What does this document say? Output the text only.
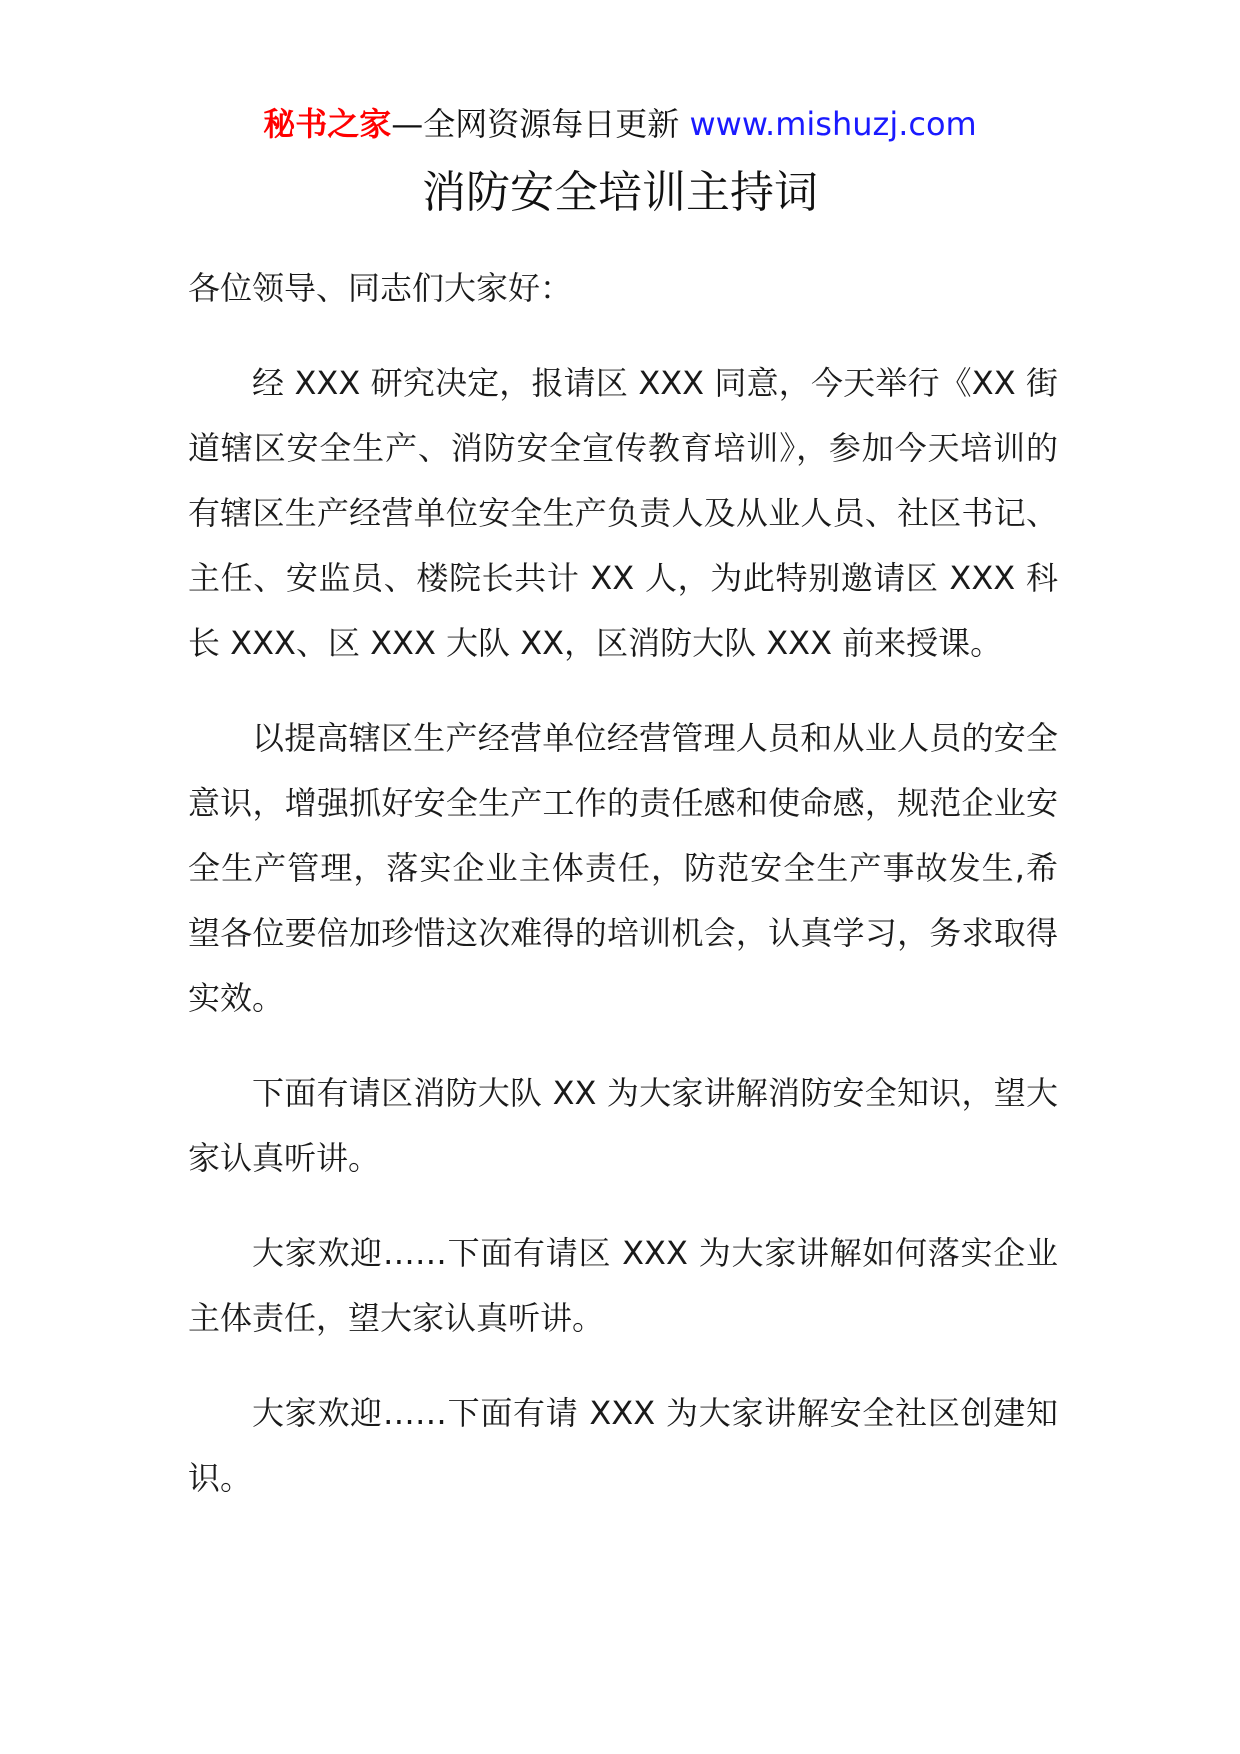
秘书之家—全网资源每日更新 www.mishuzj.com
消防安全培训主持词

各位领导、同志们大家好：

经 XXX 研究决定，报请区 XXX 同意，今天举行《XX 街道辖区安全生产、消防安全宣传教育培训》，参加今天培训的有辖区生产经营单位安全生产负责人及从业人员、社区书记、主任、安监员、楼院长共计 XX 人，为此特别邀请区 XXX 科长 XXX、区 XXX 大队 XX，区消防大队 XXX 前来授课。

以提高辖区生产经营单位经营管理人员和从业人员的安全意识，增强抓好安全生产工作的责任感和使命感，规范企业安全生产管理，落实企业主体责任，防范安全生产事故发生,希望各位要倍加珍惜这次难得的培训机会，认真学习，务求取得实效。

下面有请区消防大队 XX 为大家讲解消防安全知识，望大家认真听讲。

大家欢迎……下面有请区 XXX 为大家讲解如何落实企业主体责任，望大家认真听讲。

大家欢迎……下面有请 XXX 为大家讲解安全社区创建知识。
